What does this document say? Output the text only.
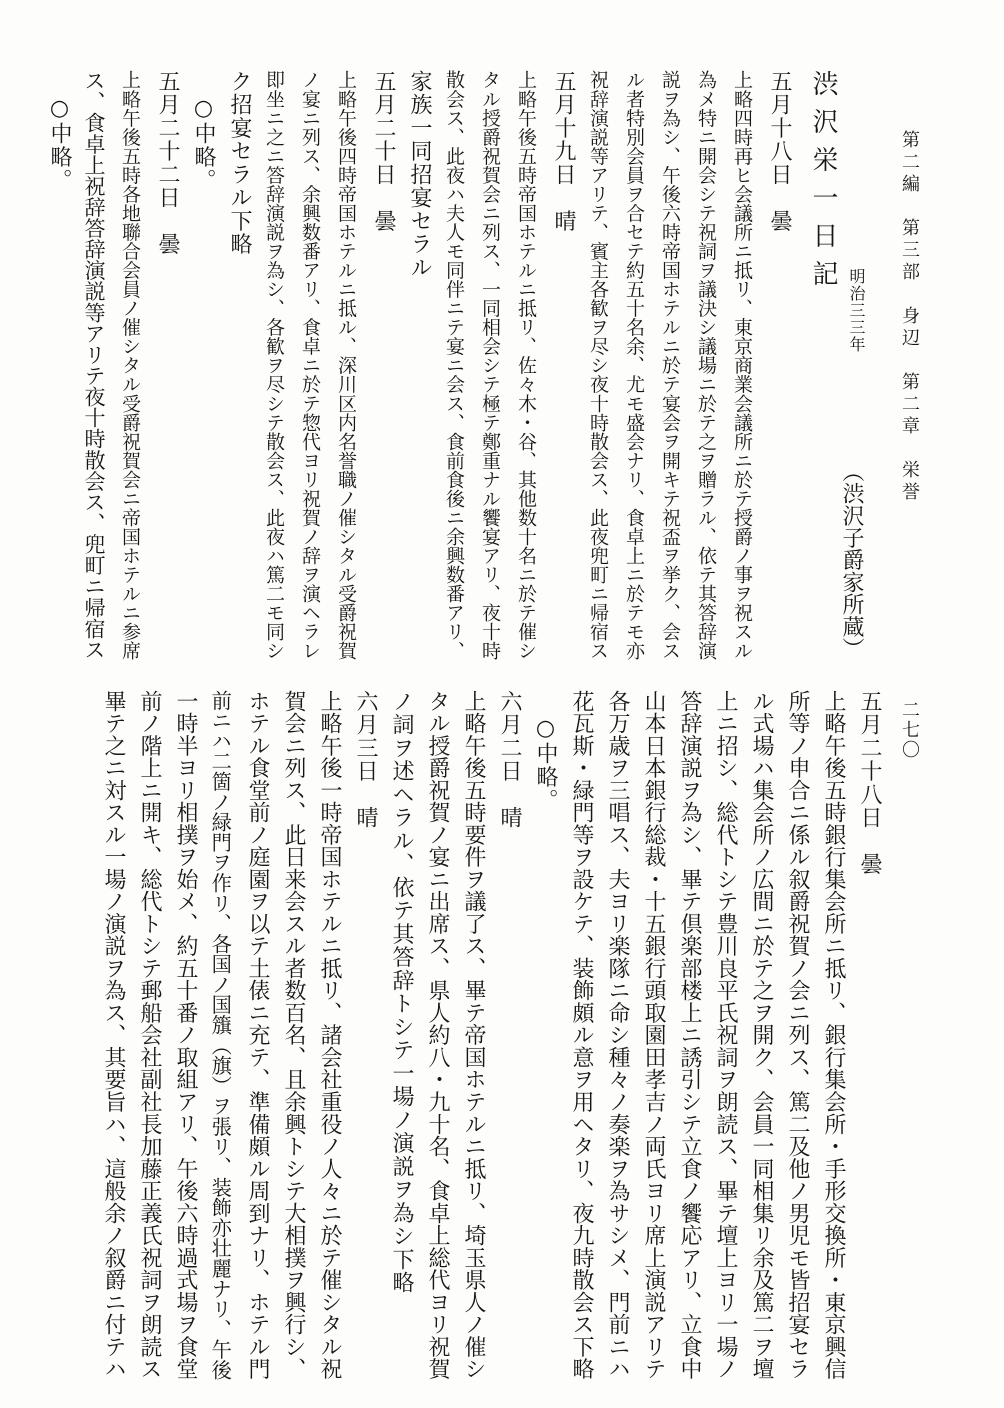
第二編　第三部　身辺　第二章　栄誉
二七〇
渋沢栄一日記
明治三三年
（渋沢子爵家所蔵）
五月十八日　曇
上略四時再ヒ会議所ニ抵リ、東京商業会議所ニ於テ授爵ノ事ヲ祝スル
為メ特ニ開会シテ祝詞ヲ議決シ議場ニ於テ之ヲ贈ラル、依テ其答辞演
説ヲ為シ、午後六時帝国ホテルニ於テ宴会ヲ開キテ祝盃ヲ挙ク、会ス
ル者特別会員ヲ合セテ約五十名余、尤モ盛会ナリ、食卓上ニ於テモ亦
祝辞演説等アリテ、賓主各歓ヲ尽シ夜十時散会ス、此夜兜町ニ帰宿ス
五月十九日　晴
上略午後五時帝国ホテルニ抵リ、佐々木・谷、其他数十名ニ於テ催シ
タル授爵祝賀会ニ列ス、一同相会シテ極テ鄭重ナル饗宴アリ、夜十時
散会ス、此夜ハ夫人モ同伴ニテ宴ニ会ス、食前食後ニ余興数番アリ、
家族一同招宴セラル
五月二十日　曇
上略午後四時帝国ホテルニ抵ル、深川区内名誉職ノ催シタル受爵祝賀
ノ宴ニ列ス、余興数番アリ、食卓ニ於テ惣代ヨリ祝賀ノ辞ヲ演ヘラレ
即坐ニ之ニ答辞演説ヲ為シ、各歓ヲ尽シテ散会ス、此夜ハ篤二モ同シ
ク招宴セラル下略
○中略。
五月二十二日　曇
上略午後五時各地聯合会員ノ催シタル受爵祝賀会ニ帝国ホテルニ参席
ス、食卓上祝辞答辞演説等アリテ夜十時散会ス、兜町ニ帰宿ス
○中略。
五月二十八日　曇
上略午後五時銀行集会所ニ抵リ、銀行集会所・手形交換所・東京興信
所等ノ申合ニ係ル叙爵祝賀ノ会ニ列ス、篤二及他ノ男児モ皆招宴セラ
ル式場ハ集会所ノ広間ニ於テ之ヲ開ク、会員一同相集リ余及篤二ヲ壇
上ニ招シ、総代トシテ豊川良平氏祝詞ヲ朗読ス、畢テ壇上ヨリ一場ノ
答辞演説ヲ為シ、畢テ倶楽部楼上ニ誘引シテ立食ノ饗応アリ、立食中
山本日本銀行総裁・十五銀行頭取園田孝吉ノ両氏ヨリ席上演説アリテ
各万歳ヲ三唱ス、夫ヨリ楽隊ニ命シ種々ノ奏楽ヲ為サシメ、門前ニハ
花瓦斯・緑門等ヲ設ケテ、装飾頗ル意ヲ用ヘタリ、夜九時散会ス下略
○中略。
六月二日　晴
上略午後五時要件ヲ議了ス、畢テ帝国ホテルニ抵リ、埼玉県人ノ催シ
タル授爵祝賀ノ宴ニ出席ス、県人約八・九十名、食卓上総代ヨリ祝賀
ノ詞ヲ述ヘラル、依テ其答辞トシテ一場ノ演説ヲ為シ下略
六月三日　晴
上略午後一時帝国ホテルニ抵リ、諸会社重役ノ人々ニ於テ催シタル祝
賀会ニ列ス、此日来会スル者数百名、且余興トシテ大相撲ヲ興行シ、
ホテル食堂前ノ庭園ヲ以テ土俵ニ充テ、準備頗ル周到ナリ、ホテル門
前ニハ二箇ノ緑門ヲ作リ、各国ノ国籏（旗）ヲ張リ、装飾亦壮麗ナリ、午後
一時半ヨリ相撲ヲ始メ、約五十番ノ取組アリ、午後六時過式場ヲ食堂
前ノ階上ニ開キ、総代トシテ郵船会社副社長加藤正義氏祝詞ヲ朗読ス
畢テ之ニ対スル一場ノ演説ヲ為ス、其要旨ハ、這般余ノ叙爵ニ付テハ
